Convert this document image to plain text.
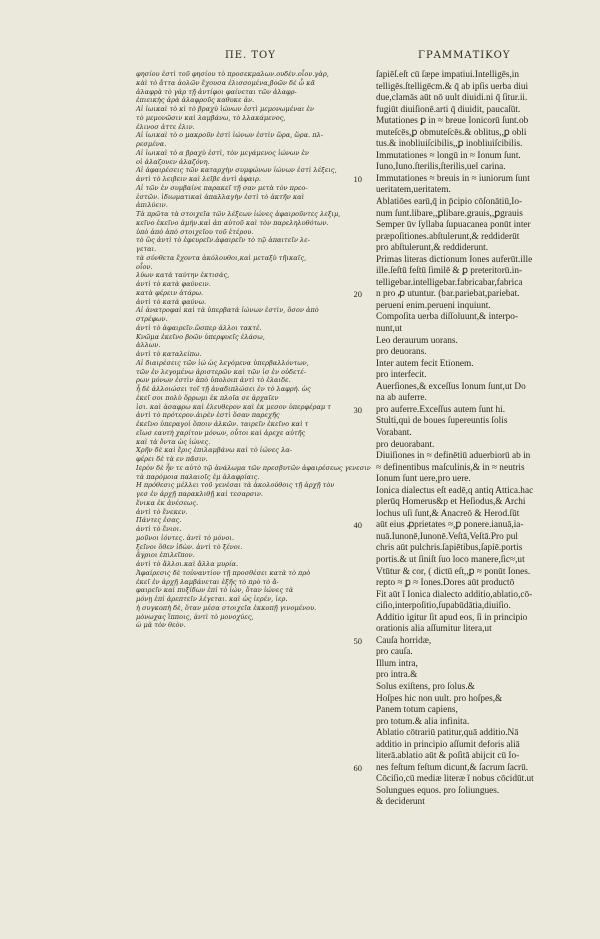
ΠΕ. ΤΟΥ	ΓΡΑΜΜΑΤΙΚΟΥ
φησίου ἐστὶ τοῦ φησίου τὸ προσεκμαλων.ουδὲν.οἷον.γὰρ,
κὰὶ τὸ ἄττα ἀολῶν ἔχουσα ἐλισσομένα,βοῶν δὲ ὧ κᾶ
ἀλαφρὰ τὸ γὰρ τῇ ἀντίφοι φαίνεται τῶν ἀλαφρ-
ἐπιεικὴς ἀρὰ ἀλαφροῦς καθυκε ἀν.
Αἱ ἰωικαὶ τὸ κὶ τὸ βραχὺ ἰώνων ἐστὶ μεμονωμέναι ἐν
τὸ μεμονῶσιν καὶ λαμβάνω, τὸ λλακάμενος,
ἐλινοσ ἀττε ἐλιν.
Αἱ ἰωικαὶ τὸ ο μακροῦν ἐστὶ ἰώνων ἐστὶν ὥρα, ὥρα. πλ-
ρεσμένα.
Αἱ ἰωικαὶ τὸ α βραχὺ ἐστὶ, τὸν μεγάμενος ἰώνων ἐν
οἱ ἀλαζονεν ἀλαζόνη.
Αἱ ἀφαιρέσεις τῶν καταρχὴν συμφώνων ἰώνων ἐστὶ λέξεις,
ἀντὶ τὸ λειβειν καὶ λεῖβε ἀντὶ ἀφαιρ.
Αἱ τῶν ἐν συμβαίνε παρακεῖ τῇ σαν μετὰ τὸν πρεο-
ἑστῶν. ἰδιωματικαὶ ἀπαλλαγὴν ἐστὶ τὸ ἀκτῆν καὶ
ἀπιλύειν.
Τὰ πρῶτα τὰ στοιχεῖα τῶν λέξεων ἰώνες ἀφαιροῦντες λεξιμ,
κεῖνο ἐκεῖνο ἀμήν.καὶ ἀπ αὐτοῦ καὶ τὸν παρεληλυθότων.
ὑπὸ ἀπὸ ἀπὸ στοιχεῖου τοῦ ἑτέρου.
τὸ ὣς ἀντὶ τὸ ἐφευρεῖν.ἀφαιρεῖν τὸ τῷ ἀπαιτεῖν λε-
γεται.
τὰ σύνθετα ἔχοντα ἀκόλουθοι,καὶ μεταξὺ τῆικαῖς,
οἷον.
λύων κατὰ ταύτην ἐκτισάς,
ἀντὶ τὸ κατὰ φαύνειν.
κατὰ φέρειν ἀτάρω.
ἀντὶ τὸ κατὰ φαύνω.
Αἱ ἀνατροφαὶ καὶ τὰ ὑπερβατὰ ἰώνων ἐστὶν, ὅσον ἀπὸ
στρέφων.
ἀντὶ τὸ ἀφαιρεῖν.ὥσπερ ἀλλοι τακτέ.
Κνῶμα ἐκεῖνο βοῶν ὑπερφυεῖς ἐλάσω,
ἀλλων.
ἀντὶ τὸ καταλείπω.
Αἱ διαιρέσεις τῶν ἰώ ὡς λεγόμενα ὑπερβαλλόντων,
τῶν ἐν λεγομένω ἀριστερῶν καὶ τῶν ἰσ ἐν οὐδετέ-
ρων μόνων ἐστὶν ἀπὸ ὑπολοιπ ἀντὶ τὸ ἐλαιδε.
ἦ δὲ ἀλλοιώσει τοῖ τῇ ἀναδιπλώσει ἐν τὸ λαφρή. ὡς
ἐκεῖ σοι πολὺ ὄρρωμι ἐκ πλοῖα σε ἀρχαῖεν
ἰσι. καὶ ἀσαφρω καὶ ἐλευθερον καὶ ἐκ μεσον ὑπερφέραμ τ
ἀντὶ τὸ πρότερον.ἀιρὲν ἐστὶ ὅσαν παρεχῆς
ἐκεῖνο ὑπεραγοὶ ὅποιν ἀλκῶν. ταιρεῖν ἐκεῖνο καὶ τ
εἴωσ εαυτὴ χαρίτον μόνων, οὗτοι καὶ ἀρεχε αὐτῆς
καὶ τὰ ὄντα ὡς ἰώνες.
Χρῆν δὲ καὶ ἔρις ἐπιλαμβάνω καὶ τὸ ἰώνες λα-
φέρει δὲ τὰ εν πᾶσιν.
Ιερὸν δὲ ἦν τε αὐτὸ τῷ ἀνάλωμα τῶν πρεσβυτῶν ἀφαιρέσεως γενεσιν
τὰ παρόμοια παλαιοῖς ἐμ ἀλαφρίαις.
Η πρόθεσις μέλλει τοῦ γενέσαι τὰ ἀκολούθοις τῇ ἀρχῇ τὸν
γεσ ἐν ἀρχῇ παρακλιθῇ καὶ τεσαρσιν.
ἔνικα ἐκ ἀνέσεως.
ἀντὶ τὸ ἔνεκεν.
Πάντες ἐσας.
ἀντὶ τὸ ἔνιοι.
μοῦνοι ἰόντες. ἀντὶ τὸ μόνοι.
ξεῖνοι ὅθεν ἰδὼν. ἀντὶ τὸ ξένοι.
ἄγριοι ἐπιλεῖπον.
ἀντὶ τὸ ἄλλοι.καὶ ἄλλα μυρία.
Ἀφαίρεσις δὲ τοὐναντίον τῇ προσθέσει κατὰ τὸ πρὸ
ἐκεῖ ἐν ἀρχῇ λαμβάνεται ἑξῆς τὸ πρὸ τὸ ἄ-
φαιρεῖν καὶ πυξίδων ἐπὶ τὸ ἰών, ὅταν ἰώνες τὰ
μόνῃ ἐπὶ ἀρεπτεῖν λέγεται. καὶ ὡς ἰερέν, ἰερ.
ἡ συγκοπὴ δὲ, ὅταν μέσα στοιχεῖα ἐκκοπῇ γινομένου.
μὸνωχας ἵπποις, ἀντὶ τὸ μονοχύες,
ὡ μὰ τὸν θεὸν.
ſapiēſ.eſt cū ſæpe impatiui.Intelligēs,in
telligēs.ſtelligēcm.& q̄ ab ipſis uerba diui
due,clamās aūt nō uult diuidi.ni q̄ ſitur.ii.
fugiūt diuiſionē.arti q̄ diuidit, paucaſūt.
Mutationes ꝑ in ≈ breue Ionicorū ſunt.ob
muteſcēs,ꝑ obmuteſcēs.& oblitus,,ꝑ obli
tus.& inobliuiſcibilis,,ꝑ inobliuiſcibilis.
Immutationes ≈ longū in ≈ Ionum ſunt.
Iuno,Iuno.ſterilis,ſterilis,uel carina.
10 Immutationes ≈ breuis in ≈ iuniorum ſunt
ueritatem,ueritatem.
Ablatiōes earū,q̄ in p̄cipio cōſonātiū,Io-
num ſunt.libare,,ꝑlibare.grauis,,ꝑgrauis
Semper ūv ſyllaba ſupuacanea ponūt inter
præpoſitiones.abſtulerunt,& reddiderūt
pro abſtulerunt,& reddiderunt.
Primas literas dictionum Iones auferūt.ille
ille.ſeſtū feſtū ſimilē & ꝑ preteritorū.in-
telligebar.intelligebar.fabricabar,fabrica
20 n pro ꝓ utuntur. (bar.pariebat,pariebat.
perueni enim.perueni inquiunt.
Compoſita uerba diſſoluunt,& interpo-
nunt,ut
Leo deraurum uorans.
pro deuorans.
Inter autem fecit Etionem.
pro interfecit.
Auerſiones,& exceſſus Ionum ſunt,ut Do
na ab auferre.
30 pro auferre.Exceſſus autem ſunt hi.
Stulti,qui de boues ſupereuntis ſolis
Vorabant.
pro deuorabant.
Diuiſiones in ≈ definētiū aduerbiorū ab in
≈ definentibus maſculinis,& in ≈ neutris
Ionum ſunt uere,pro uere.
Ionica dialectus eſt eadē,q antiq Attica.hac
plerūq Homerus&p et Heſiodus,& Archi
lochus uſi ſunt,& Anacreō & Herod.ſūt
40 aūt eius ꝓprietates ≈,ꝑ ponere.ianuā,ia-
nuā.Iunonē,Iunonē.Veſtā,Veſtā.Pro pul
chris aūt pulchris.ſapiētibus,ſapiē.portis
portis.& ut ſiniſt ſuo loco manere,ſic≈,ut
Vtūtur & cor, ( dictū eſt,,ꝑ ≈ ponūt Iones.
repto ≈ ꝑ ≈ Iones.Dores aūt productō
Fit aūt ĩ Ionica dialecto additio,ablatio,cō-
ciſio,interpoſitio,ſupabūdātia,diuiſio.
Additio igitur ſit apud eos, ſi in principio
orationis alia aſſumitur litera,ut
50 Cauſa horridæ,
pro cauſa.
Illum intra,
pro intra.&
Solus exiſtens, pro ſolus.&
Hoſpes hic non uult. pro hoſpes,&
Panem totum capiens,
pro totum.& alia infinita.
Ablatio cōtrariū patitur,quā additio.Nā
additio in principio aſſumit deforis aliā
literā.ablatio aūt & poſitā abijcit cū Io-
60 nes feſtum feſtum dicunt,& ſacrum ſacrū.
Cōciſio,cū mediæ literæ ĩ nobus cōcidūt.ut
Solungues equos. pro ſoliungues.
& deciderunt
